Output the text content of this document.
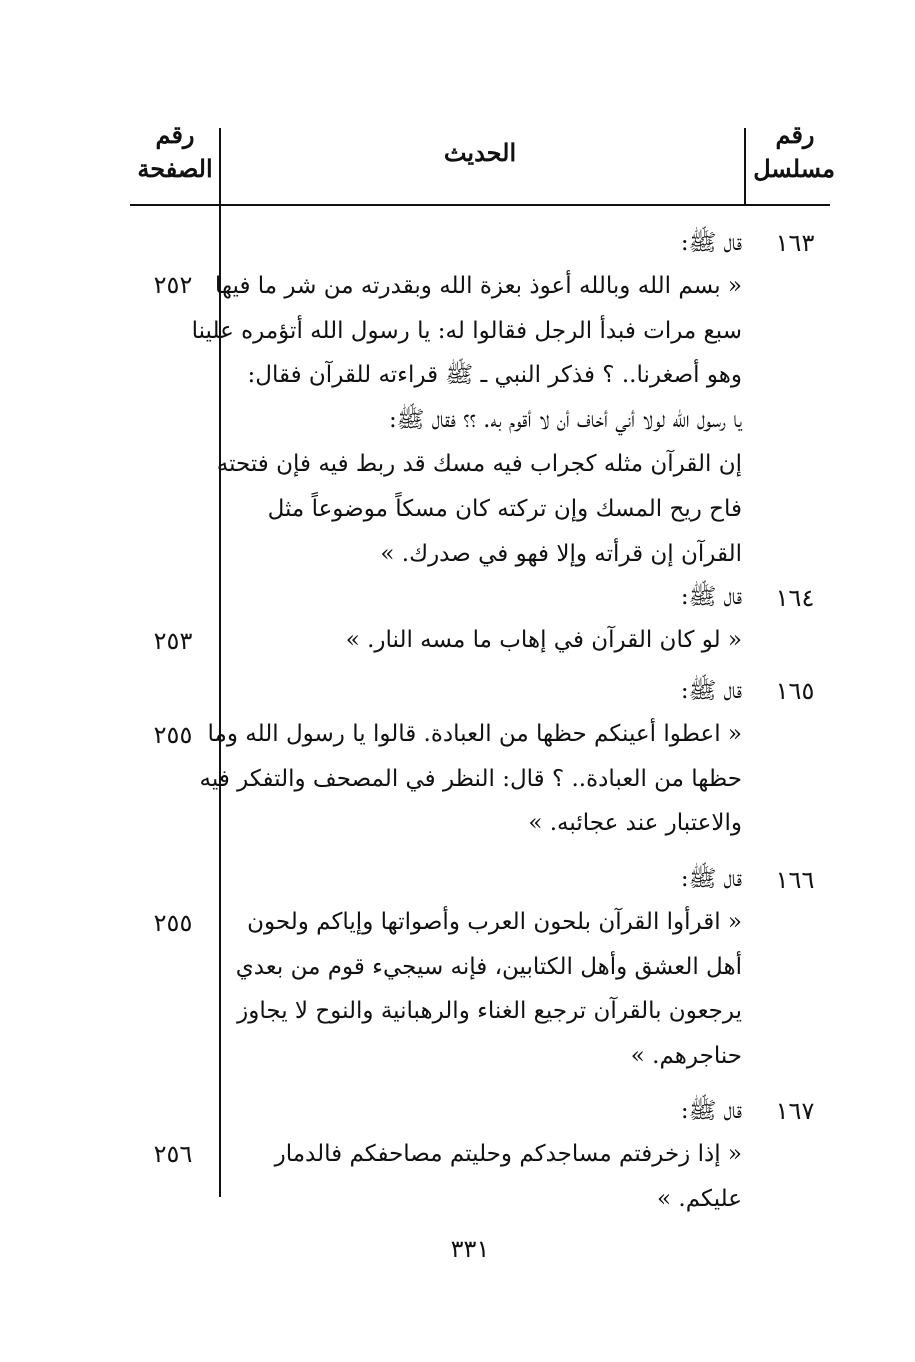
رقم
مسلسل
الحديث
رقم
الصفحة
١٦٣
٢٥٢
قال ﷺ:
« بسم الله وبالله أعوذ بعزة الله وبقدرته من شر ما فيها
سبع مرات فبدأ الرجل فقالوا له: يا رسول الله أتؤمره علينا
وهو أصغرنا.. ؟ فذكر النبي ـ ﷺ قراءته للقرآن فقال:
يا رسول الله لولا أني أخاف أن لا أقوم به. ؟؟ فقال ﷺ:
إن القرآن مثله كجراب فيه مسك قد ربط فيه فإن فتحته
فاح ريح المسك وإن تركته كان مسكاً موضوعاً مثل
القرآن إن قرأته وإلا فهو في صدرك. »
١٦٤
٢٥٣
قال ﷺ:
« لو كان القرآن في إهاب ما مسه النار. »
١٦٥
٢٥٥
قال ﷺ:
« اعطوا أعينكم حظها من العبادة. قالوا يا رسول الله وما
حظها من العبادة.. ؟ قال: النظر في المصحف والتفكر فيه
والاعتبار عند عجائبه. »
١٦٦
٢٥٥
قال ﷺ:
« اقرأوا القرآن بلحون العرب وأصواتها وإياكم ولحون
أهل العشق وأهل الكتابين، فإنه سيجيء قوم من بعدي
يرجعون بالقرآن ترجيع الغناء والرهبانية والنوح لا يجاوز
حناجرهم. »
١٦٧
٢٥٦
قال ﷺ:
« إذا زخرفتم مساجدكم وحليتم مصاحفكم فالدمار
عليكم. »
٣٣١
